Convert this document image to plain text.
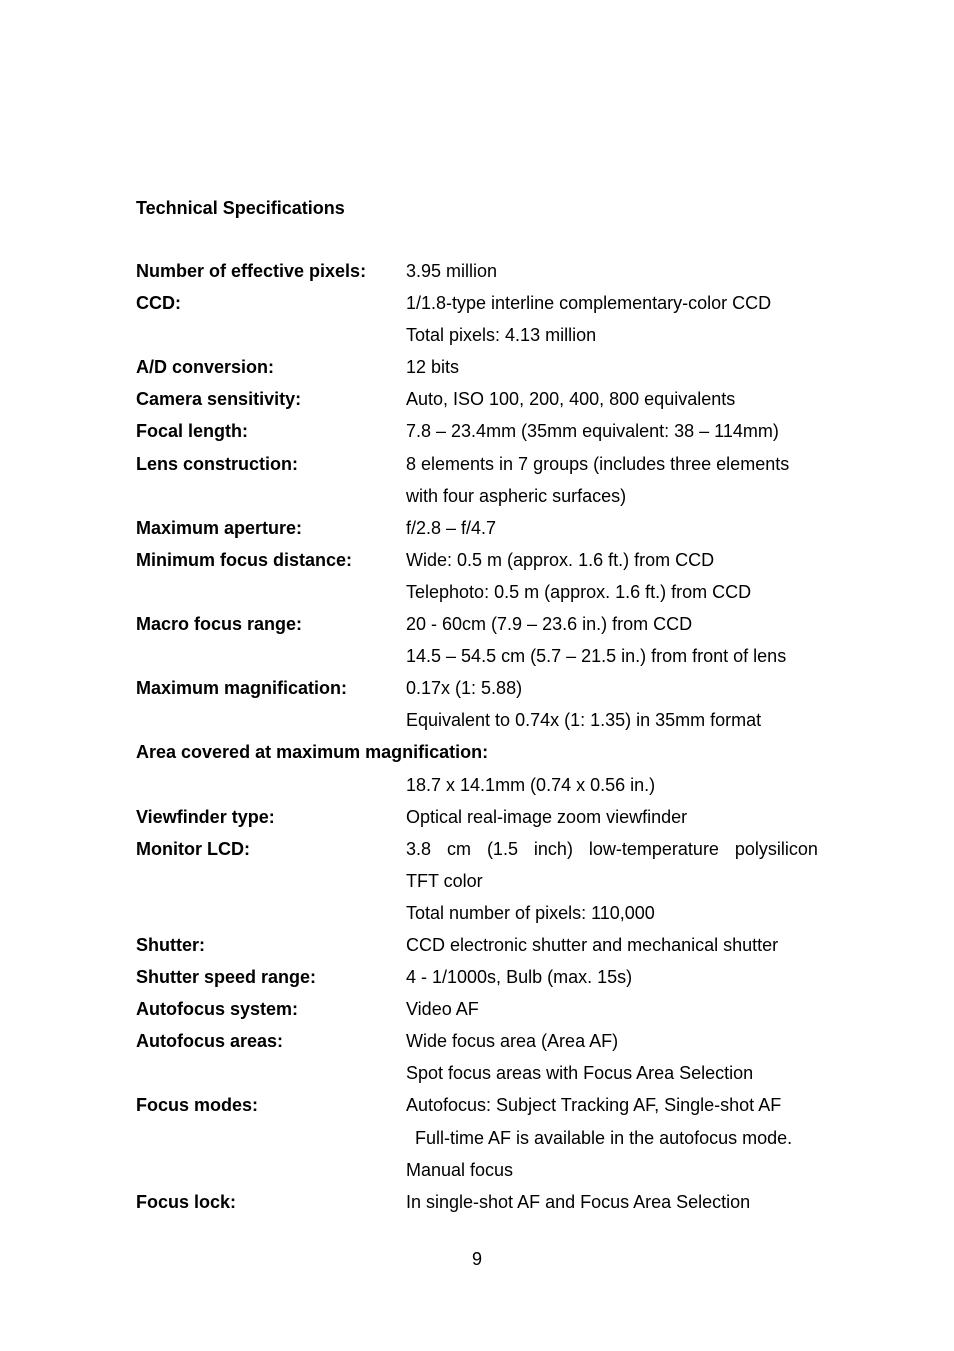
Technical Specifications
Number of effective pixels: 3.95 million
CCD:	1/1.8-type interline complementary-color CCD
Total pixels: 4.13 million
A/D conversion:	12 bits
Camera sensitivity:	Auto, ISO 100, 200, 400, 800 equivalents
Focal length:	7.8 – 23.4mm (35mm equivalent: 38 – 114mm)
Lens construction:	8 elements in 7 groups (includes three elements
with four aspheric surfaces)
Maximum aperture:	f/2.8 – f/4.7
Minimum focus distance:	Wide: 0.5 m (approx. 1.6 ft.) from CCD
Telephoto: 0.5 m (approx. 1.6 ft.) from CCD
Macro focus range:	20 - 60cm (7.9 – 23.6 in.) from CCD
14.5 – 54.5 cm (5.7 – 21.5 in.) from front of lens
Maximum magnification:	0.17x (1: 5.88)
Equivalent to 0.74x (1: 1.35) in 35mm format
Area covered at maximum magnification:
18.7 x 14.1mm (0.74 x 0.56 in.)
Viewfinder type:	Optical real-image zoom viewfinder
Monitor LCD:	3.8 cm (1.5 inch) low-temperature polysilicon
TFT color
Total number of pixels: 110,000
Shutter:	CCD electronic shutter and mechanical shutter
Shutter speed range:	4 - 1/1000s, Bulb (max. 15s)
Autofocus system:	Video AF
Autofocus areas:	Wide focus area (Area AF)
Spot focus areas with Focus Area Selection
Focus modes:	Autofocus: Subject Tracking AF, Single-shot AF
Full-time AF is available in the autofocus mode.
Manual focus
Focus lock:	In single-shot AF and Focus Area Selection
9
